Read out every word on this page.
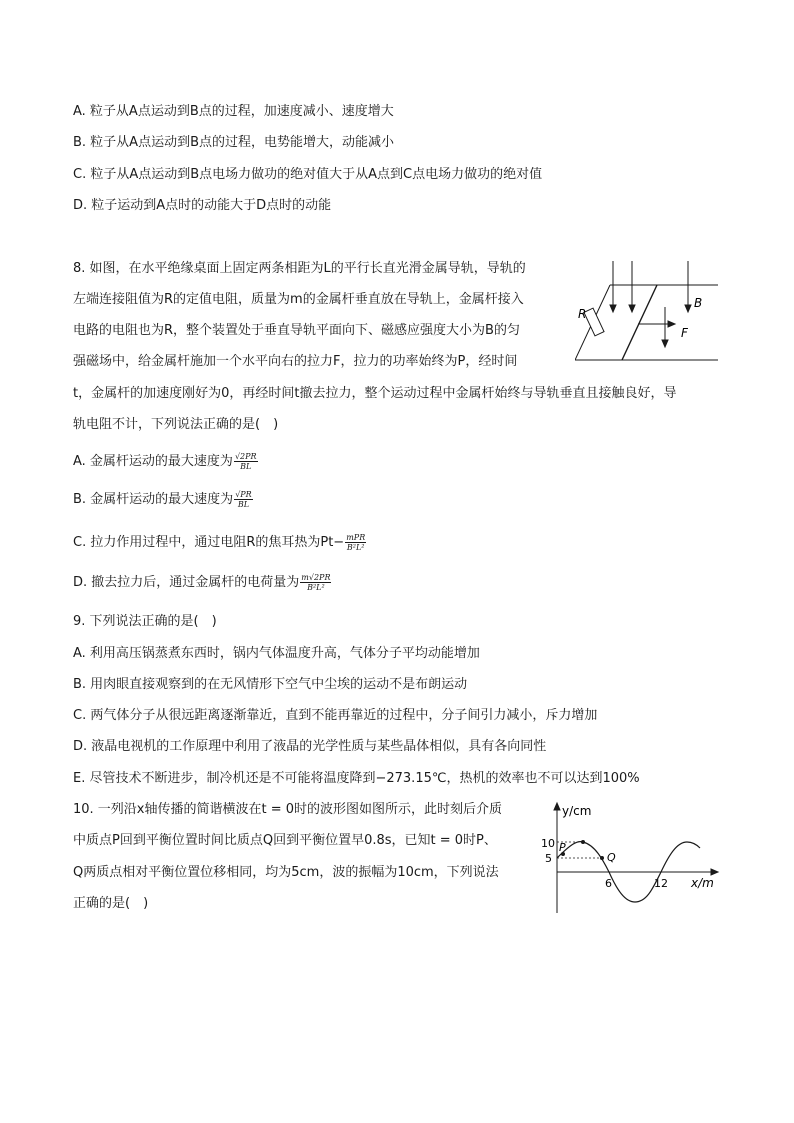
A. 粒子从A点运动到B点的过程，加速度减小、速度增大
B. 粒子从A点运动到B点的过程，电势能增大，动能减小
C. 粒子从A点运动到B点电场力做功的绝对值大于从A点到C点电场力做功的绝对值
D. 粒子运动到A点时的动能大于D点时的动能
8. 如图，在水平绝缘桌面上固定两条相距为L的平行长直光滑金属导轨，导轨的
左端连接阻值为R的定值电阻，质量为m的金属杆垂直放在导轨上，金属杆接入
电路的电阻也为R，整个装置处于垂直导轨平面向下、磁感应强度大小为B的匀
强磁场中，给金属杆施加一个水平向右的拉力F，拉力的功率始终为P，经时间
t，金属杆的加速度刚好为0，再经时间t撤去拉力，整个运动过程中金属杆始终与导轨垂直且接触良好，导
轨电阻不计，下列说法正确的是(　)
A. 金属杆运动的最大速度为 $\frac{√2PR}{BL}$
B. 金属杆运动的最大速度为 $\frac{√PR}{BL}$
C. 拉力作用过程中，通过电阻R的焦耳热为$Pt- \frac{\text{mPR}}{\text{B²L²}}$
D. 撤去拉力后，通过金属杆的电荷量为 $\frac{m√2PR}{\text{B²L²}}$
R
B
F
9. 下列说法正确的是(　)
A. 利用高压锅蒸煮东西时，锅内气体温度升高，气体分子平均动能增加
B. 用肉眼直接观察到的在无风情形下空气中尘埃的运动不是布朗运动
C. 两气体分子从很远距离逐渐靠近，直到不能再靠近的过程中，分子间引力减小，斥力增加
D. 液晶电视机的工作原理中利用了液晶的光学性质与某些晶体相似，具有各向同性
E. 尽管技术不断进步，制冷机还是不可能将温度降到−273.15℃，热机的效率也不可以达到100%
10. 一列沿x轴传播的简谐横波在t = 0时的波形图如图所示，此时刻后介质
中质点P回到平衡位置时间比质点Q回到平衡位置早0.8s，已知t = 0时P、
Q两质点相对平衡位置位移相同，均为5cm，波的振幅为10cm，下列说法
正确的是(　)
y/cm
x/m
10
5
6	12
P
Q
